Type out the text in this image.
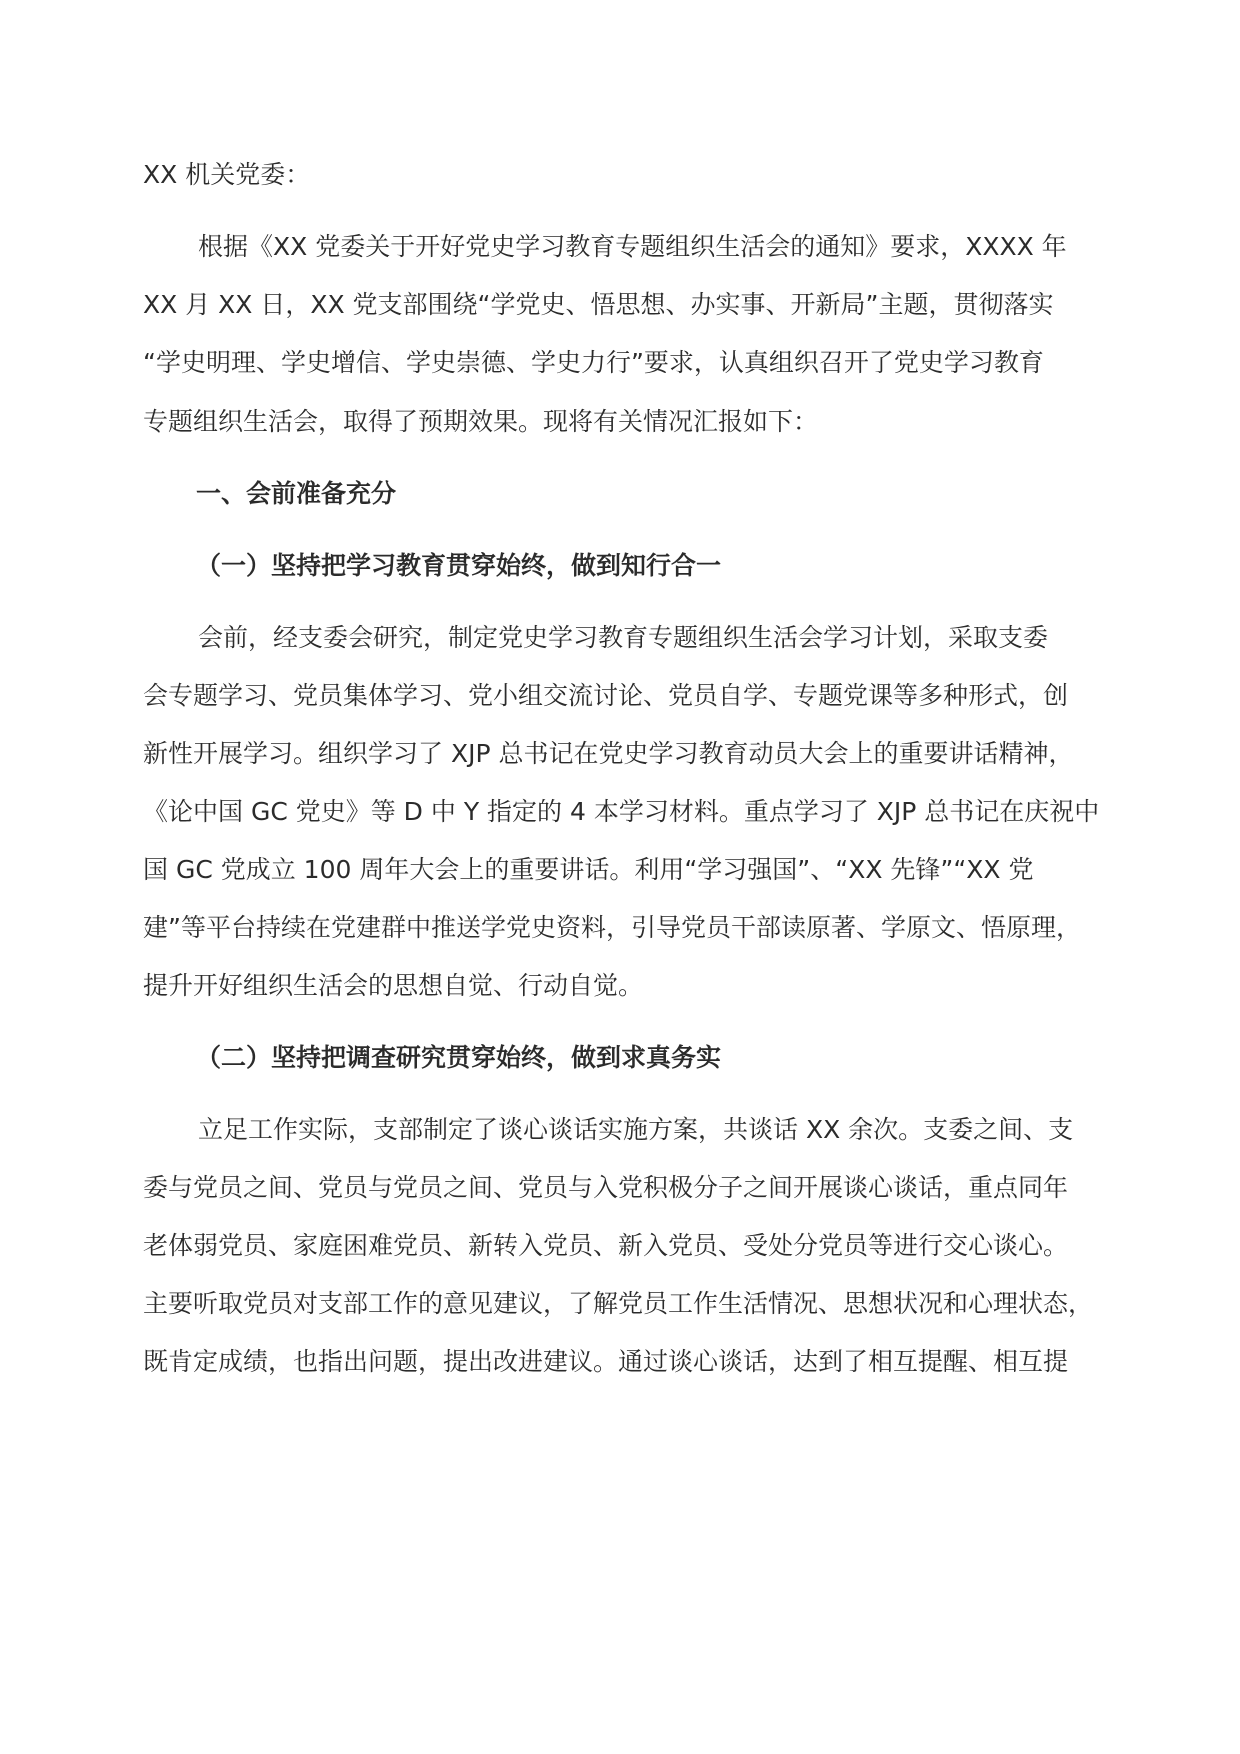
XX 机关党委：
根据《XX 党委关于开好党史学习教育专题组织生活会的通知》要求，XXXX 年
XX 月 XX 日，XX 党支部围绕“学党史、悟思想、办实事、开新局”主题，贯彻落实
“学史明理、学史增信、学史崇德、学史力行”要求，认真组织召开了党史学习教育
专题组织生活会，取得了预期效果。现将有关情况汇报如下：
一、会前准备充分
（一）坚持把学习教育贯穿始终，做到知行合一
会前，经支委会研究，制定党史学习教育专题组织生活会学习计划，采取支委
会专题学习、党员集体学习、党小组交流讨论、党员自学、专题党课等多种形式，创
新性开展学习。组织学习了 XJP 总书记在党史学习教育动员大会上的重要讲话精神，
《论中国 GC 党史》等 D 中 Y 指定的 4 本学习材料。重点学习了 XJP 总书记在庆祝中
国 GC 党成立 100 周年大会上的重要讲话。利用“学习强国”、“XX 先锋”“XX 党
建”等平台持续在党建群中推送学党史资料，引导党员干部读原著、学原文、悟原理，
提升开好组织生活会的思想自觉、行动自觉。
（二）坚持把调查研究贯穿始终，做到求真务实
立足工作实际，支部制定了谈心谈话实施方案，共谈话 XX 余次。支委之间、支
委与党员之间、党员与党员之间、党员与入党积极分子之间开展谈心谈话，重点同年
老体弱党员、家庭困难党员、新转入党员、新入党员、受处分党员等进行交心谈心。
主要听取党员对支部工作的意见建议，了解党员工作生活情况、思想状况和心理状态，
既肯定成绩，也指出问题，提出改进建议。通过谈心谈话，达到了相互提醒、相互提
